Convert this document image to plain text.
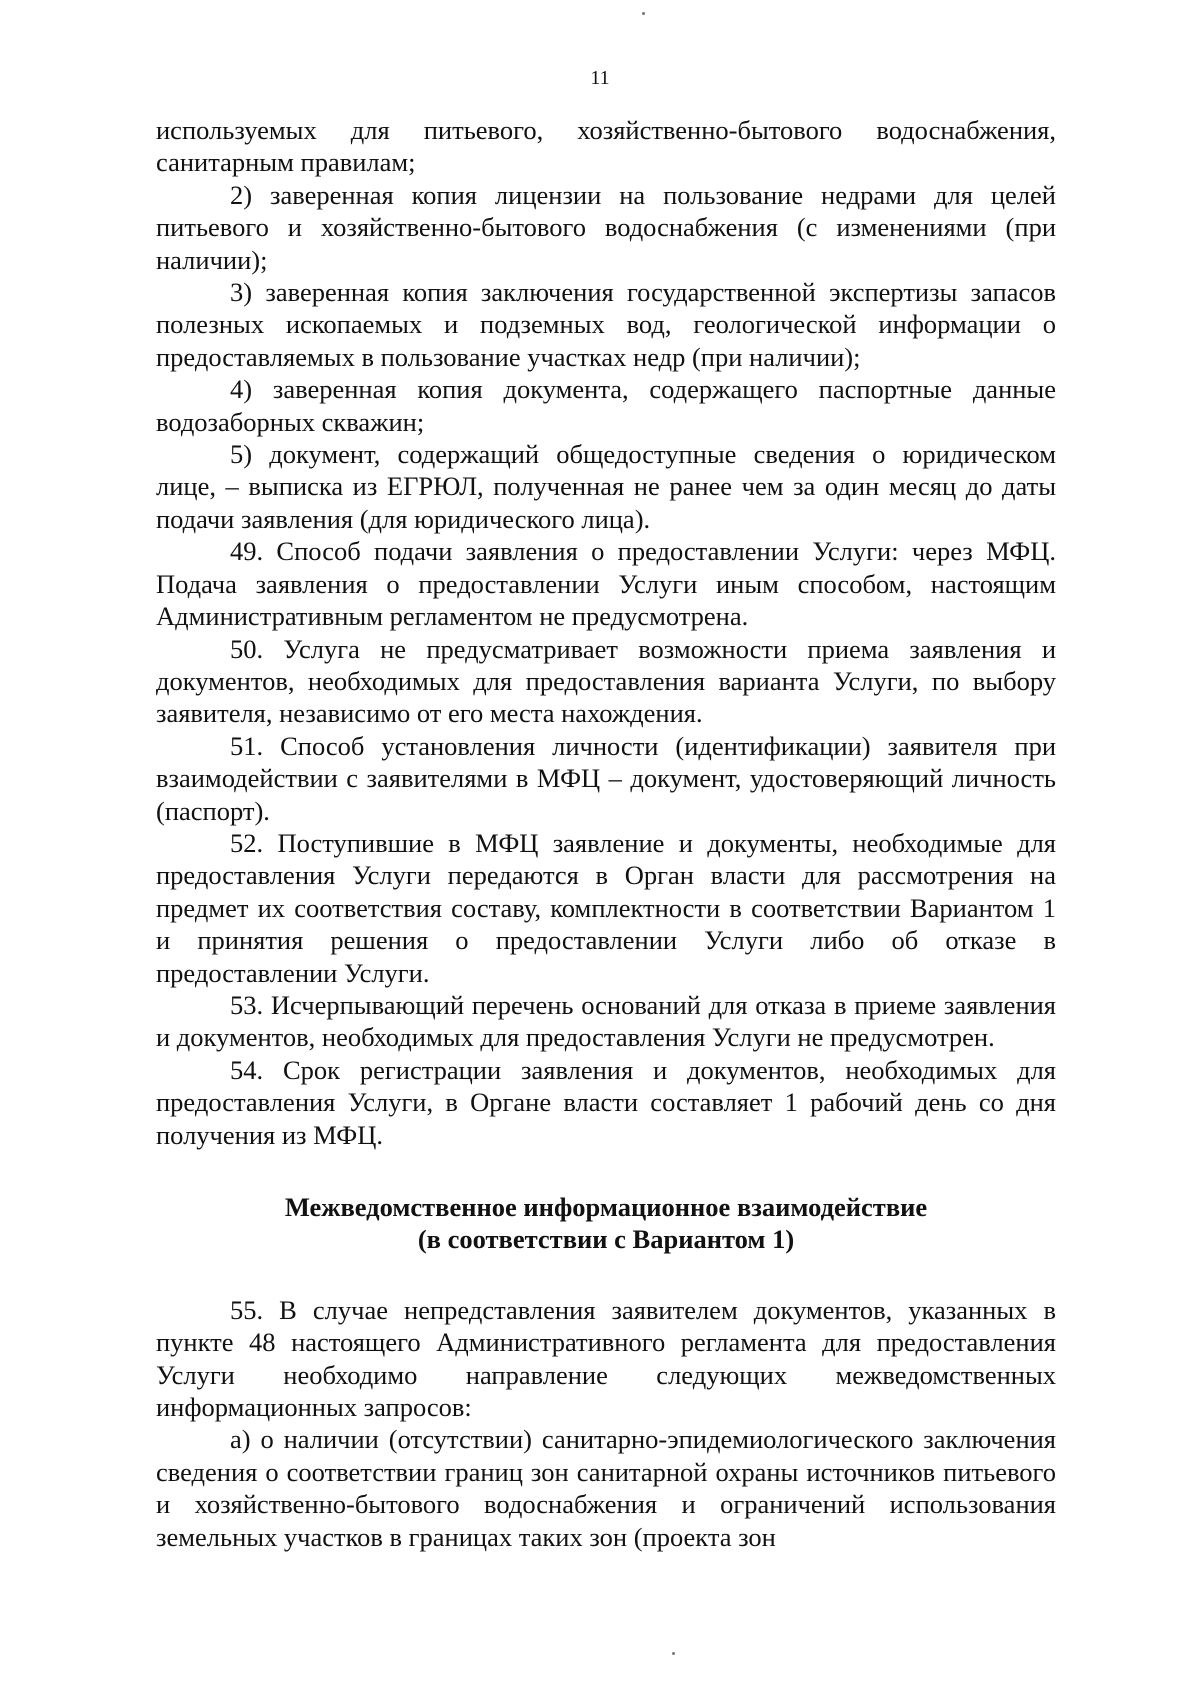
11

используемых для питьевого, хозяйственно-бытового водоснабжения, санитарным правилам;

2) заверенная копия лицензии на пользование недрами для целей питьевого и хозяйственно-бытового водоснабжения (с изменениями (при наличии);

3) заверенная копия заключения государственной экспертизы запасов полезных ископаемых и подземных вод, геологической информации о предоставляемых в пользование участках недр (при наличии);

4) заверенная копия документа, содержащего паспортные данные водозаборных скважин;

5) документ, содержащий общедоступные сведения о юридическом лице, – выписка из ЕГРЮЛ, полученная не ранее чем за один месяц до даты подачи заявления (для юридического лица).

49. Способ подачи заявления о предоставлении Услуги: через МФЦ. Подача заявления о предоставлении Услуги иным способом, настоящим Административным регламентом не предусмотрена.

50. Услуга не предусматривает возможности приема заявления и документов, необходимых для предоставления варианта Услуги, по выбору заявителя, независимо от его места нахождения.

51. Способ установления личности (идентификации) заявителя при взаимодействии с заявителями в МФЦ – документ, удостоверяющий личность (паспорт).

52. Поступившие в МФЦ заявление и документы, необходимые для предоставления Услуги передаются в Орган власти для рассмотрения на предмет их соответствия составу, комплектности в соответствии Вариантом 1 и принятия решения о предоставлении Услуги либо об отказе в предоставлении Услуги.

53. Исчерпывающий перечень оснований для отказа в приеме заявления и документов, необходимых для предоставления Услуги не предусмотрен.

54. Срок регистрации заявления и документов, необходимых для предоставления Услуги, в Органе власти составляет 1 рабочий день со дня получения из МФЦ.

Межведомственное информационное взаимодействие
(в соответствии с Вариантом 1)

55. В случае непредставления заявителем документов, указанных в пункте 48 настоящего Административного регламента для предоставления Услуги необходимо направление следующих межведомственных информационных запросов:

а) о наличии (отсутствии) санитарно-эпидемиологического заключения сведения о соответствии границ зон санитарной охраны источников питьевого и хозяйственно-бытового водоснабжения и ограничений использования земельных участков в границах таких зон (проекта зон
